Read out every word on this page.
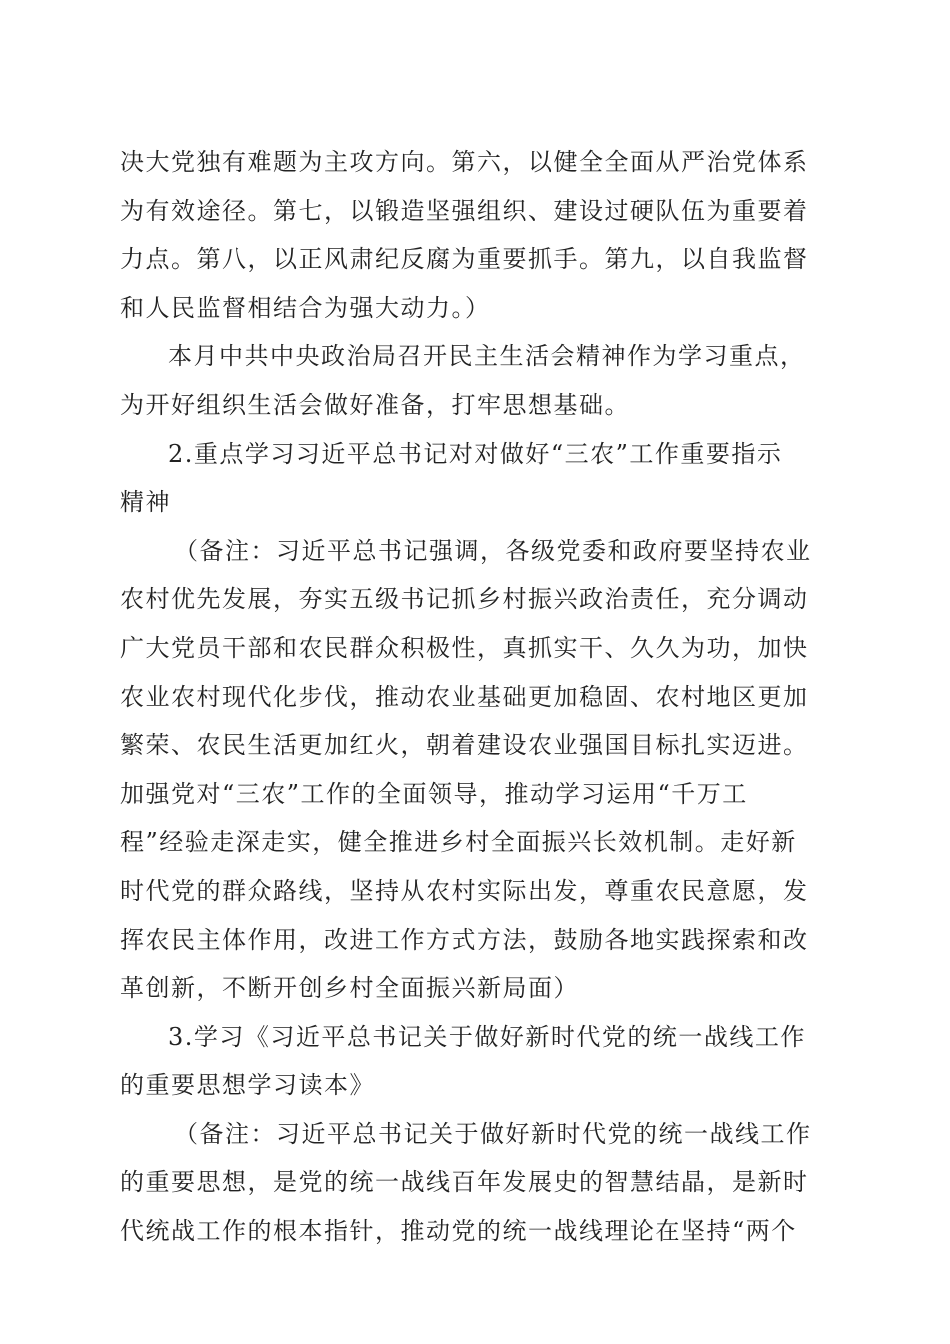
决大党独有难题为主攻方向。第六，以健全全面从严治党体系
为有效途径。第七，以锻造坚强组织、建设过硬队伍为重要着
力点。第八，以正风肃纪反腐为重要抓手。第九，以自我监督
和人民监督相结合为强大动力。）
本月中共中央政治局召开民主生活会精神作为学习重点，
为开好组织生活会做好准备，打牢思想基础。
2.重点学习习近平总书记对对做好“三农”工作重要指示
精神
（备注：习近平总书记强调，各级党委和政府要坚持农业
农村优先发展，夯实五级书记抓乡村振兴政治责任，充分调动
广大党员干部和农民群众积极性，真抓实干、久久为功，加快
农业农村现代化步伐，推动农业基础更加稳固、农村地区更加
繁荣、农民生活更加红火，朝着建设农业强国目标扎实迈进。
加强党对“三农”工作的全面领导，推动学习运用“千万工
程”经验走深走实，健全推进乡村全面振兴长效机制。走好新
时代党的群众路线，坚持从农村实际出发，尊重农民意愿，发
挥农民主体作用，改进工作方式方法，鼓励各地实践探索和改
革创新，不断开创乡村全面振兴新局面）
3.学习《习近平总书记关于做好新时代党的统一战线工作
的重要思想学习读本》
（备注：习近平总书记关于做好新时代党的统一战线工作
的重要思想，是党的统一战线百年发展史的智慧结晶，是新时
代统战工作的根本指针，推动党的统一战线理论在坚持“两个
